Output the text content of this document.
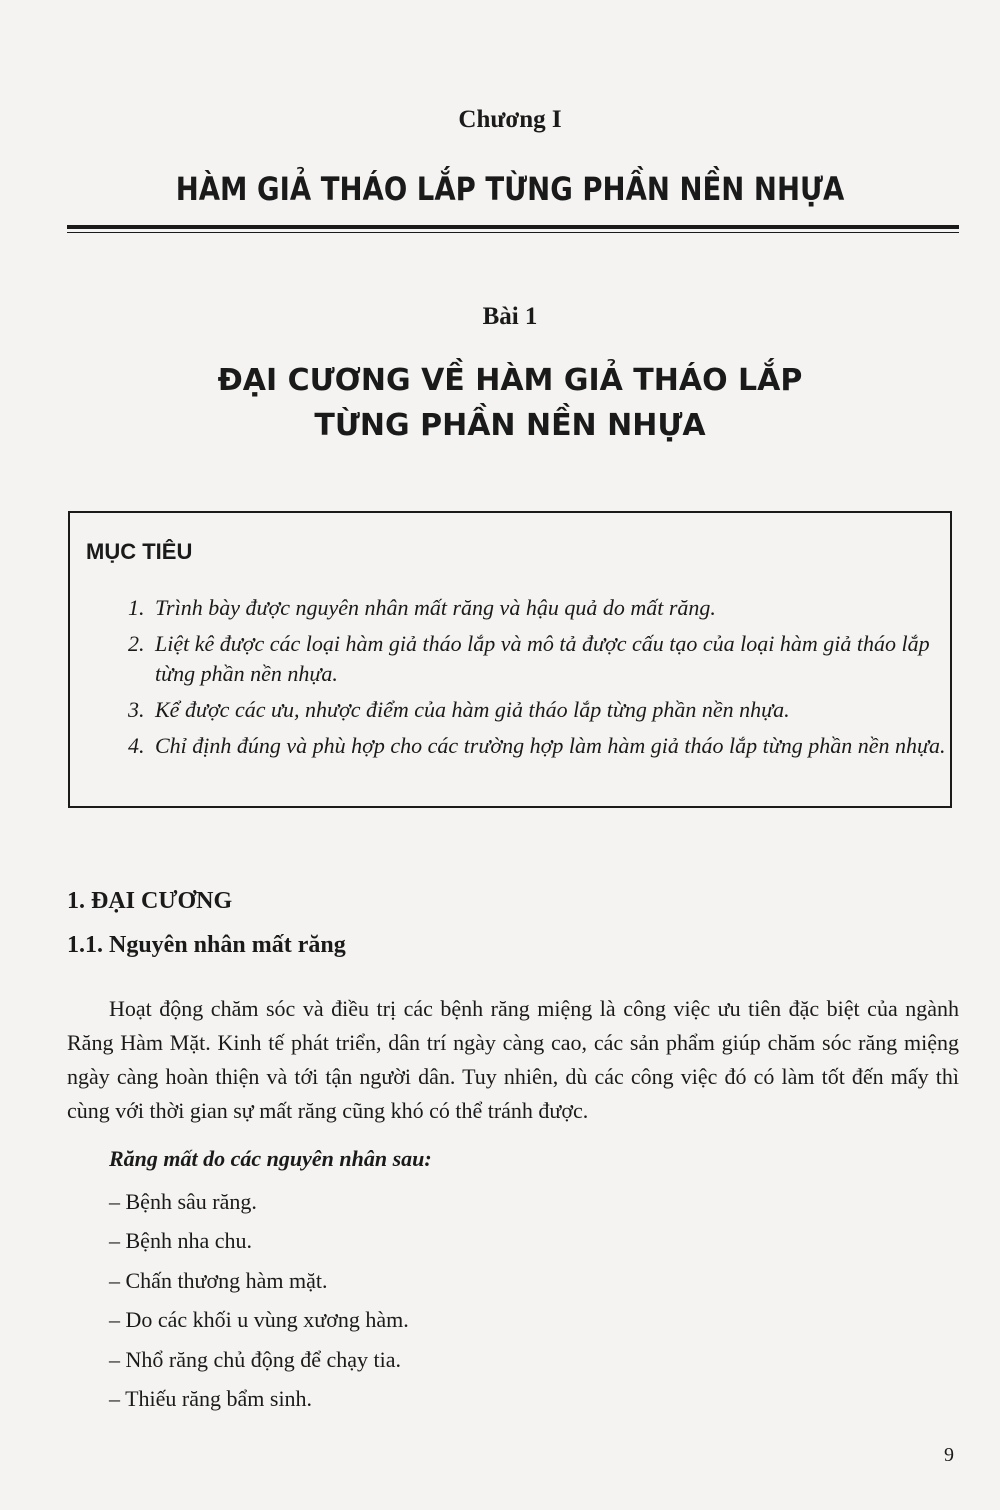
Chương I
HÀM GIẢ THÁO LẮP TỪNG PHẦN NỀN NHỰA
Bài 1
ĐẠI CƯƠNG VỀ HÀM GIẢ THÁO LẮP
TỪNG PHẦN NỀN NHỰA
MỤC TIÊU
1. Trình bày được nguyên nhân mất răng và hậu quả do mất răng.
2. Liệt kê được các loại hàm giả tháo lắp và mô tả được cấu tạo của loại hàm giả tháo lắp từng phần nền nhựa.
3. Kể được các ưu, nhược điểm của hàm giả tháo lắp từng phần nền nhựa.
4. Chỉ định đúng và phù hợp cho các trường hợp làm hàm giả tháo lắp từng phần nền nhựa.
1. ĐẠI CƯƠNG
1.1. Nguyên nhân mất răng

Hoạt động chăm sóc và điều trị các bệnh răng miệng là công việc ưu tiên đặc biệt của ngành Răng Hàm Mặt. Kinh tế phát triển, dân trí ngày càng cao, các sản phẩm giúp chăm sóc răng miệng ngày càng hoàn thiện và tới tận người dân. Tuy nhiên, dù các công việc đó có làm tốt đến mấy thì cùng với thời gian sự mất răng cũng khó có thể tránh được.

Răng mất do các nguyên nhân sau:
– Bệnh sâu răng.
– Bệnh nha chu.
– Chấn thương hàm mặt.
– Do các khối u vùng xương hàm.
– Nhổ răng chủ động để chạy tia.
– Thiếu răng bẩm sinh.
9
